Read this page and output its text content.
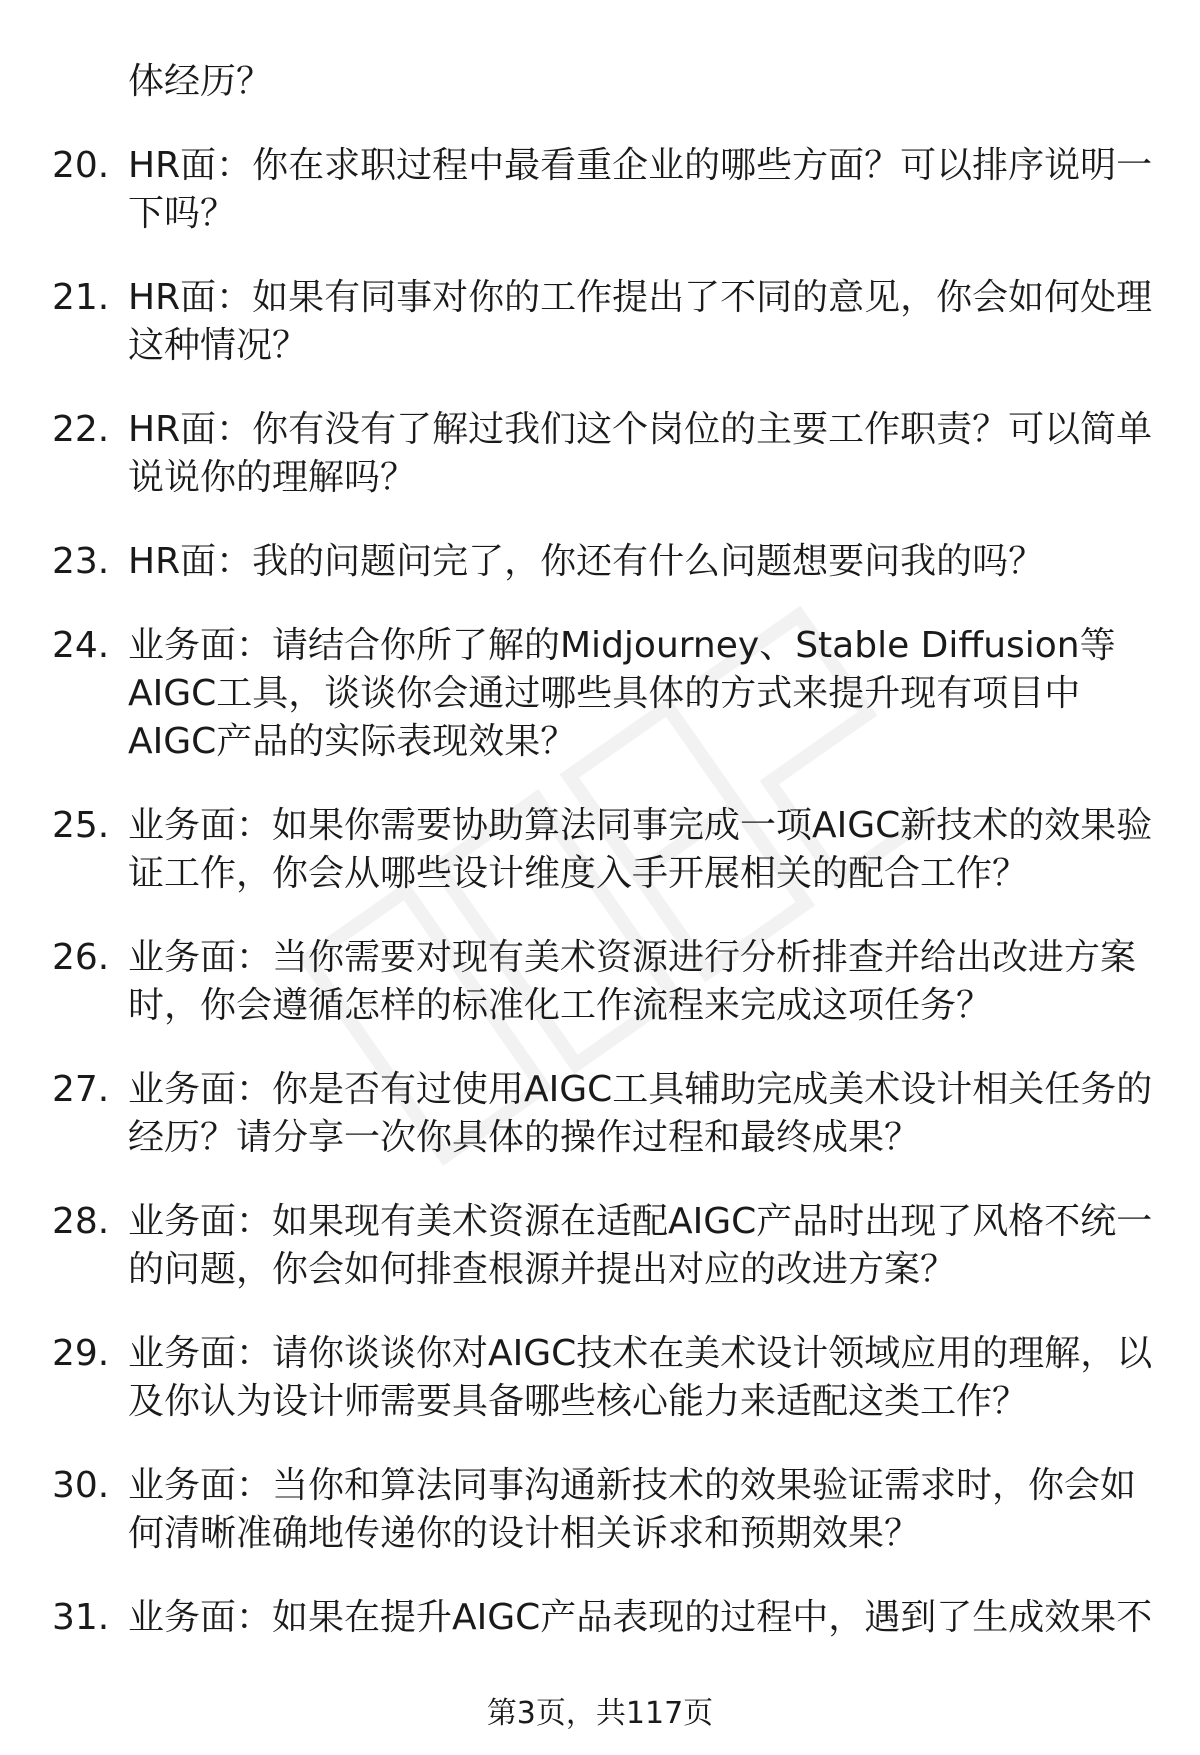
体经历？
20. HR面：你在求职过程中最看重企业的哪些方面？可以排序说明一
下吗？
21. HR面：如果有同事对你的工作提出了不同的意见，你会如何处理
这种情况？
22. HR面：你有没有了解过我们这个岗位的主要工作职责？可以简单
说说你的理解吗？
23. HR面：我的问题问完了，你还有什么问题想要问我的吗？
24. 业务面：请结合你所了解的Midjourney、Stable Diffusion等
AIGC工具，谈谈你会通过哪些具体的方式来提升现有项目中
AIGC产品的实际表现效果？
25. 业务面：如果你需要协助算法同事完成一项AIGC新技术的效果验
证工作，你会从哪些设计维度入手开展相关的配合工作？
26. 业务面：当你需要对现有美术资源进行分析排查并给出改进方案
时，你会遵循怎样的标准化工作流程来完成这项任务？
27. 业务面：你是否有过使用AIGC工具辅助完成美术设计相关任务的
经历？请分享一次你具体的操作过程和最终成果？
28. 业务面：如果现有美术资源在适配AIGC产品时出现了风格不统一
的问题，你会如何排查根源并提出对应的改进方案？
29. 业务面：请你谈谈你对AIGC技术在美术设计领域应用的理解，以
及你认为设计师需要具备哪些核心能力来适配这类工作？
30. 业务面：当你和算法同事沟通新技术的效果验证需求时，你会如
何清晰准确地传递你的设计相关诉求和预期效果？
31. 业务面：如果在提升AIGC产品表现的过程中，遇到了生成效果不
第3页，共117页
